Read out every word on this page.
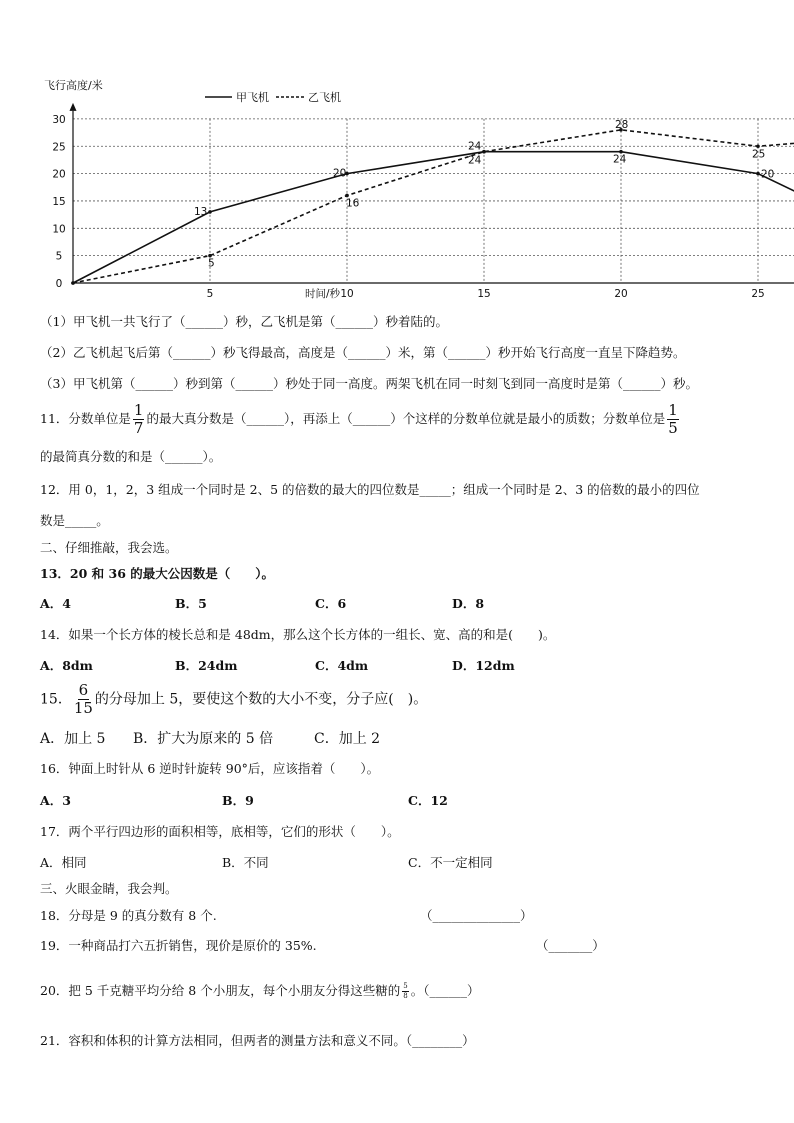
飞行高度/米
甲飞机	乙飞机
0
5
10
15
20
25
30
5	10	15	20	25
13
20
24
24	24
20
5
16
28
25
时间/秒
（1）甲飞机一共飞行了（______）秒，乙飞机是第（______）秒着陆的。
（2）乙飞机起飞后第（______）秒飞得最高，高度是（______）米，第（______）秒开始飞行高度一直呈下降趋势。
（3）甲飞机第（______）秒到第（______）秒处于同一高度。两架飞机在同一时刻飞到同一高度时是第（______）秒。
11．分数单位是 $\frac{1}{7}$ 的最大真分数是（______），再添上（______）个这样的分数单位就是最小的质数；分数单位是 $\frac{1}{5}$
的最简真分数的和是（______）。
12．用 0，1，2，3 组成一个同时是 2、5 的倍数的最大的四位数是_____；组成一个同时是 2、3 的倍数的最小的四位
数是_____。
二、仔细推敲，我会选。
13．20 和 36 的最大公因数是（　　）。
A．4	B．5	C．6	D．8
14．如果一个长方体的棱长总和是 48dm，那么这个长方体的一组长、宽、高的和是(　　)。
A．8dm	B．24dm	C．4dm	D．12dm
15． $\frac{6}{15}$ 的分母加上 5，要使这个数的大小不变，分子应(　)。
A．加上 5 B．扩大为原来的 5 倍	C．加上 2
16．钟面上时针从 6 逆时针旋转 90°后，应该指着（　　）。
A．3	B．9	C．12
17．两个平行四边形的面积相等，底相等，它们的形状（　　）。
A．相同	B．不同	C．不一定相同
三、火眼金睛，我会判。
18．分母是 9 的真分数有 8 个.	（______________）
19．一种商品打六五折销售，现价是原价的 35%.	（_______）
20．把 5 千克糖平均分给 8 个小朋友，每个小朋友分得这些糖的 $\frac{5}{8}$ 。（______）
21．容积和体积的计算方法相同，但两者的测量方法和意义不同。（________）
